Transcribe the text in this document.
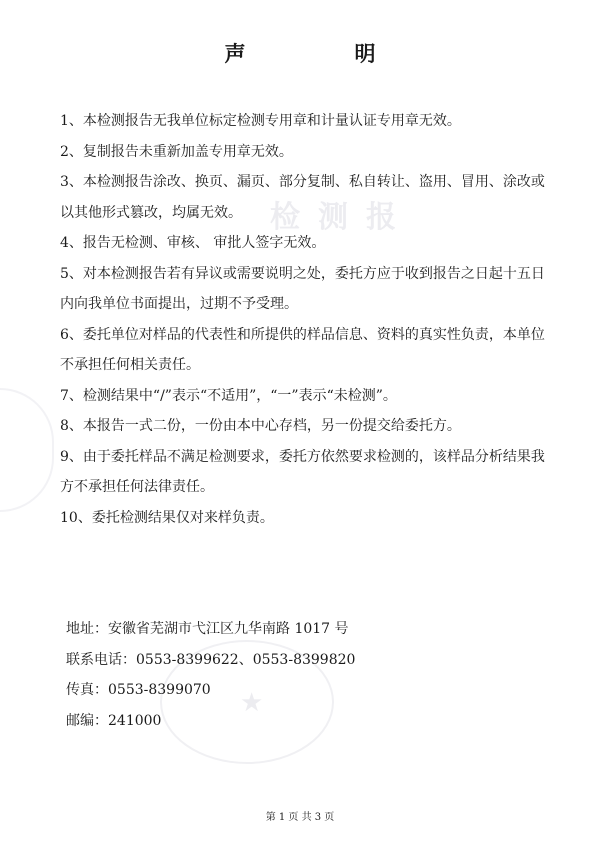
检测报
★
声　明

1、本检测报告无我单位标定检测专用章和计量认证专用章无效。

2、复制报告未重新加盖专用章无效。

3、本检测报告涂改、换页、漏页、部分复制、私自转让、盗用、冒用、涂改或以其他形式篡改，均属无效。

4、报告无检测、审核、 审批人签字无效。

5、对本检测报告若有异议或需要说明之处，委托方应于收到报告之日起十五日内向我单位书面提出，过期不予受理。

6、委托单位对样品的代表性和所提供的样品信息、资料的真实性负责，本单位不承担任何相关责任。

7、检测结果中“/”表示“不适用”，“一”表示“未检测”。

8、本报告一式二份，一份由本中心存档，另一份提交给委托方。

9、由于委托样品不满足检测要求，委托方依然要求检测的，该样品分析结果我方不承担任何法律责任。

10、委托检测结果仅对来样负责。

地址：安徽省芜湖市弋江区九华南路 1017 号

联系电话：0553-8399622、0553-8399820

传真：0553-8399070

邮编：241000

第 1 页 共 3 页
